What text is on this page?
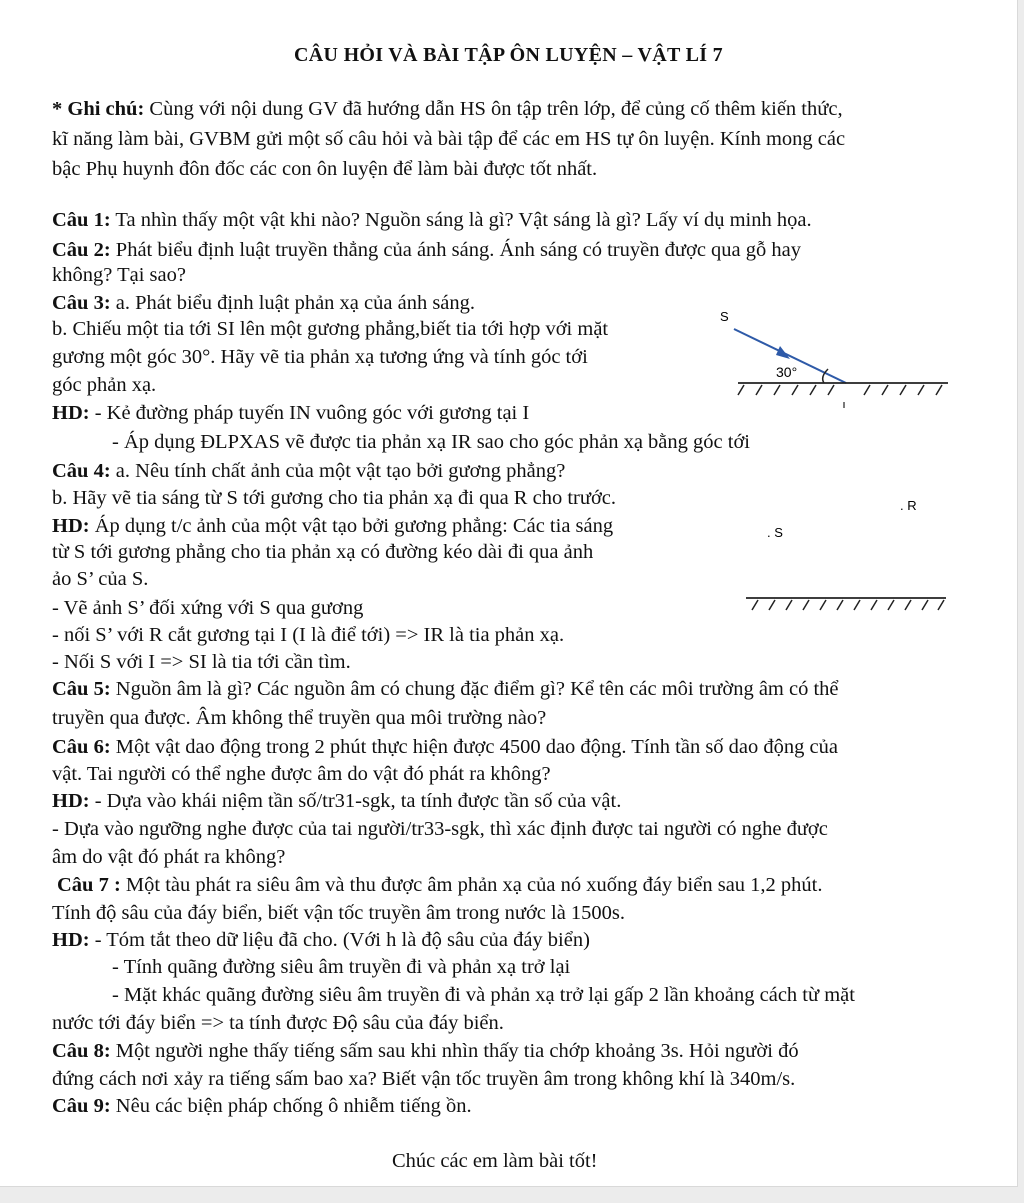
CÂU HỎI VÀ BÀI TẬP ÔN LUYỆN – VẬT LÍ 7
* Ghi chú: Cùng với nội dung GV đã hướng dẫn HS ôn tập trên lớp, để củng cố thêm kiến thức,
kĩ năng làm bài, GVBM gửi một số câu hỏi và bài tập để các em HS tự ôn luyện. Kính mong các
bậc Phụ huynh đôn đốc các con ôn luyện để làm bài được tốt nhất.
Câu 1: Ta nhìn thấy một vật khi nào? Nguồn sáng là gì? Vật sáng là gì? Lấy ví dụ minh họa.
Câu 2: Phát biểu định luật truyền thẳng của ánh sáng. Ánh sáng có truyền được qua gỗ hay
không? Tại sao?
Câu 3: a. Phát biểu định luật phản xạ của ánh sáng.
b. Chiếu một tia tới SI lên một gương phẳng,biết tia tới hợp với mặt
gương một góc 30°. Hãy vẽ tia phản xạ tương ứng và tính góc tới
góc phản xạ.
HD: - Kẻ đường pháp tuyến IN vuông góc với gương tại I
- Áp dụng ĐLPXAS vẽ được tia phản xạ IR sao cho góc phản xạ bằng góc tới
S
30°
Câu 4: a. Nêu tính chất ảnh của một vật tạo bởi gương phẳng?
b. Hãy vẽ tia sáng từ S tới gương cho tia phản xạ đi qua R cho trước.
HD: Áp dụng t/c ảnh của một vật tạo bởi gương phẳng: Các tia sáng
từ S tới gương phẳng cho tia phản xạ có đường kéo dài đi qua ảnh
ảo S’ của S.
- Vẽ ảnh S’ đối xứng với S qua gương
- nối S’ với R cắt gương tại I (I là điể tới) => IR là tia phản xạ.
- Nối S với I => SI là tia tới cần tìm.
. R
. S
Câu 5: Nguồn âm là gì? Các nguồn âm có chung đặc điểm gì? Kể tên các môi trường âm có thể
truyền qua được. Âm không thể truyền qua môi trường nào?
Câu 6: Một vật dao động trong 2 phút thực hiện được 4500 dao động. Tính tần số dao động của
vật. Tai người có thể nghe được âm do vật đó phát ra không?
HD: - Dựa vào khái niệm tần số/tr31-sgk, ta tính được tần số của vật.
- Dựa vào ngưỡng nghe được của tai người/tr33-sgk, thì xác định được tai người có nghe được
âm do vật đó phát ra không?
Câu 7 : Một tàu phát ra siêu âm và thu được âm phản xạ của nó xuống đáy biển sau 1,2 phút.
Tính độ sâu của đáy biển, biết vận tốc truyền âm trong nước là 1500s.
HD: - Tóm tắt theo dữ liệu đã cho. (Với h là độ sâu của đáy biển)
- Tính quãng đường siêu âm truyền đi và phản xạ trở lại
- Mặt khác quãng đường siêu âm truyền đi và phản xạ trở lại gấp 2 lần khoảng cách từ mặt
nước tới đáy biển => ta tính được Độ sâu của đáy biển.
Câu 8: Một người nghe thấy tiếng sấm sau khi nhìn thấy tia chớp khoảng 3s. Hỏi người đó
đứng cách nơi xảy ra tiếng sấm bao xa? Biết vận tốc truyền âm trong không khí là 340m/s.
Câu 9: Nêu các biện pháp chống ô nhiễm tiếng ồn.
Chúc các em làm bài tốt!
